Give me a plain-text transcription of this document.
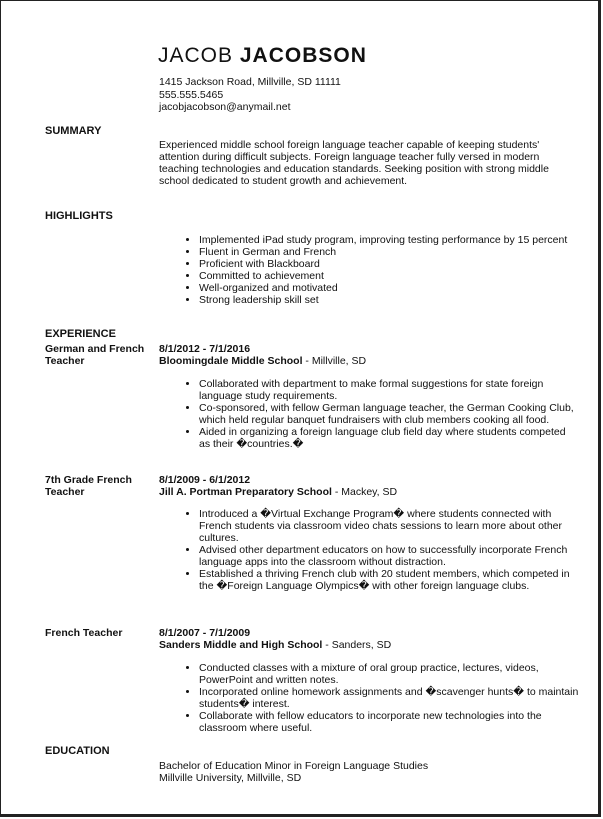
JACOB JACOBSON
1415 Jackson Road, Millville, SD 11111
555.555.5465
jacobjacobson@anymail.net
SUMMARY
Experienced middle school foreign language teacher capable of keeping students' attention during difficult subjects. Foreign language teacher fully versed in modern teaching technologies and education standards. Seeking position with strong middle school dedicated to student growth and achievement.
HIGHLIGHTS
• Implemented iPad study program, improving testing performance by 15 percent
• Fluent in German and French
• Proficient with Blackboard
• Committed to achievement
• Well-organized and motivated
• Strong leadership skill set
EXPERIENCE
German and French Teacher
8/1/2012 - 7/1/2016
Bloomingdale Middle School - Millville, SD
• Collaborated with department to make formal suggestions for state foreign language study requirements.
• Co-sponsored, with fellow German language teacher, the German Cooking Club, which held regular banquet fundraisers with club members cooking all food.
• Aided in organizing a foreign language club field day where students competed as their �countries.�
7th Grade French Teacher
8/1/2009 - 6/1/2012
Jill A. Portman Preparatory School - Mackey, SD
• Introduced a �Virtual Exchange Program� where students connected with French students via classroom video chats sessions to learn more about other cultures.
• Advised other department educators on how to successfully incorporate French language apps into the classroom without distraction.
• Established a thriving French club with 20 student members, which competed in the �Foreign Language Olympics� with other foreign language clubs.
French Teacher	8/1/2007 - 7/1/2009
Sanders Middle and High School - Sanders, SD
• Conducted classes with a mixture of oral group practice, lectures, videos, PowerPoint and written notes.
• Incorporated online homework assignments and �scavenger hunts� to maintain students� interest.
• Collaborate with fellow educators to incorporate new technologies into the classroom where useful.
EDUCATION
Bachelor of Education Minor in Foreign Language Studies
Millville University, Millville, SD
